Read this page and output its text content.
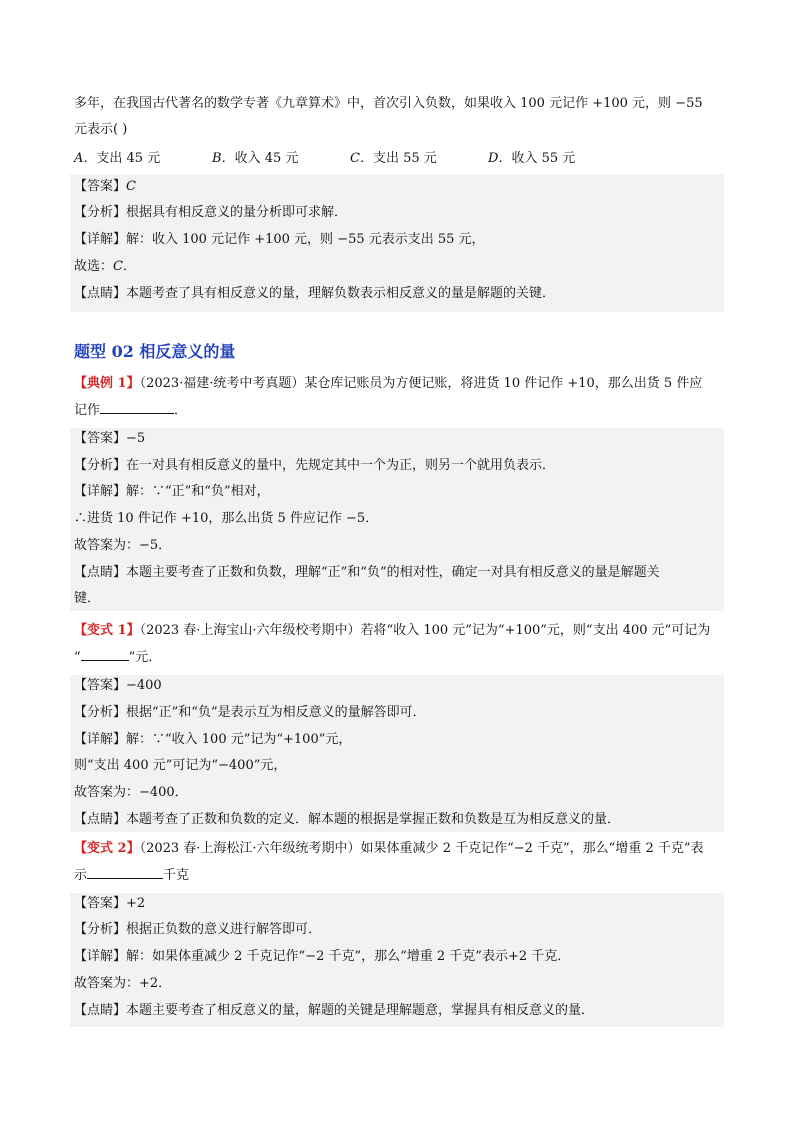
多年，在我国古代著名的数学专著《九章算术》中，首次引入负数，如果收入 100 元记作 +100 元，则 −55
元表示( )
A．支出 45 元	B．收入 45 元	C．支出 55 元	D．收入 55 元
【答案】C
【分析】根据具有相反意义的量分析即可求解．
【详解】解：收入 100 元记作 +100 元，则 −55 元表示支出 55 元，
故选：C．
【点睛】本题考查了具有相反意义的量，理解负数表示相反意义的量是解题的关键．
题型 02 相反意义的量
【典例 1】（2023·福建·统考中考真题）某仓库记账员为方便记账，将进货 10 件记作 +10，那么出货 5 件应
记作	．
【答案】−5
【分析】在一对具有相反意义的量中，先规定其中一个为正，则另一个就用负表示．
【详解】解：∵“正”和“负”相对，
∴进货 10 件记作 +10，那么出货 5 件应记作 −5．
故答案为：−5．
【点睛】本题主要考查了正数和负数，理解“正”和“负”的相对性，确定一对具有相反意义的量是解题关
键．
【变式 1】（2023 春·上海宝山·六年级校考期中）若将“收入 100 元”记为“+100”元，则“支出 400 元”可记为
“	”元．
【答案】−400
【分析】根据“正”和“负”是表示互为相反意义的量解答即可．
【详解】解：∵“收入 100 元”记为“+100”元，
则“支出 400 元”可记为“−400”元，
故答案为：−400．
【点睛】本题考查了正数和负数的定义．解本题的根据是掌握正数和负数是互为相反意义的量．
【变式 2】（2023 春·上海松江·六年级统考期中）如果体重减少 2 千克记作“−2 千克”，那么“增重 2 千克”表
示	千克
【答案】+2
【分析】根据正负数的意义进行解答即可．
【详解】解：如果体重减少 2 千克记作“−2 千克”，那么“增重 2 千克”表示+2 千克．
故答案为：+2．
【点睛】本题主要考查了相反意义的量，解题的关键是理解题意，掌握具有相反意义的量．
